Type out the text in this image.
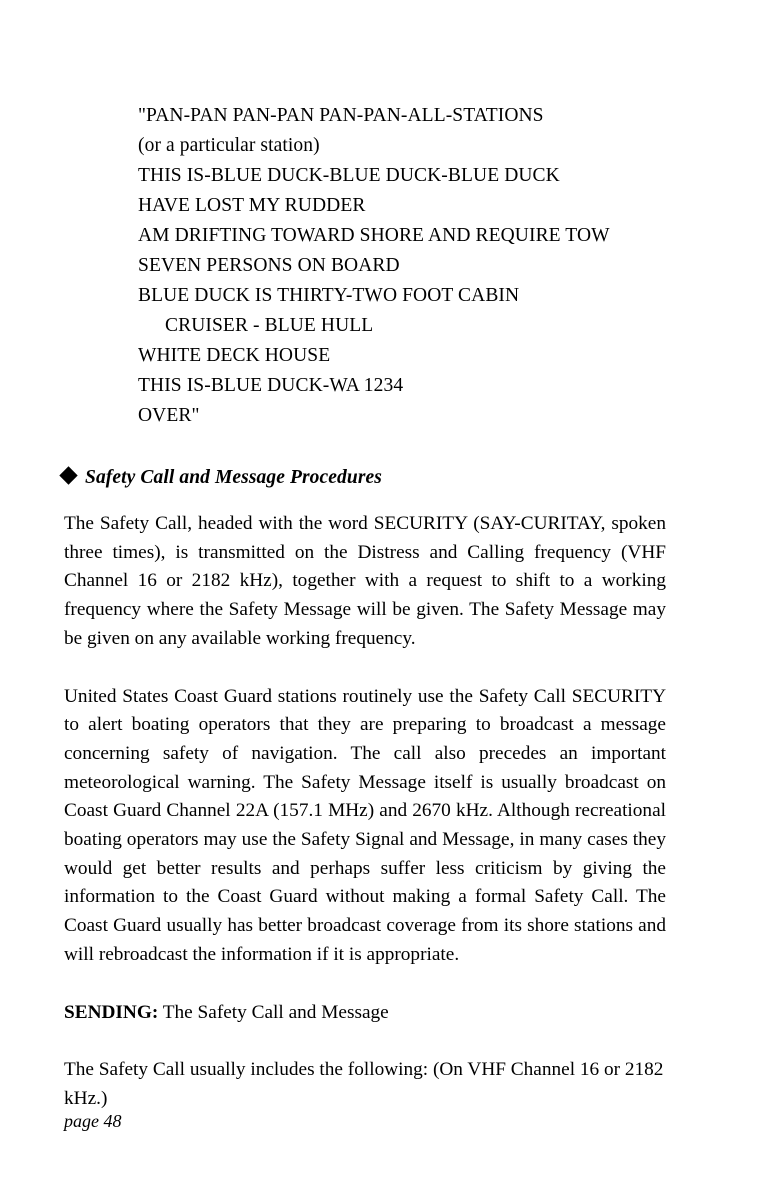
"PAN-PAN PAN-PAN PAN-PAN-ALL-STATIONS
(or a particular station)
THIS IS-BLUE DUCK-BLUE DUCK-BLUE DUCK
HAVE LOST MY RUDDER
AM DRIFTING TOWARD SHORE AND REQUIRE TOW
SEVEN PERSONS ON BOARD
BLUE DUCK IS THIRTY-TWO FOOT CABIN
CRUISER - BLUE HULL
WHITE DECK HOUSE
THIS IS-BLUE DUCK-WA 1234
OVER"
Safety Call and Message Procedures

The Safety Call, headed with the word SECURITY (SAY-CURITAY, spoken three times), is transmitted on the Distress and Calling frequency (VHF Channel 16 or 2182 kHz), together with a request to shift to a working frequency where the Safety Message will be given. The Safety Message may be given on any available working frequency.

United States Coast Guard stations routinely use the Safety Call SECURITY to alert boating operators that they are preparing to broadcast a message concerning safety of navigation. The call also precedes an important meteorological warning. The Safety Message itself is usually broadcast on Coast Guard Channel 22A (157.1 MHz) and 2670 kHz. Although recreational boating operators may use the Safety Signal and Message, in many cases they would get better results and perhaps suffer less criticism by giving the information to the Coast Guard without making a formal Safety Call. The Coast Guard usually has better broadcast coverage from its shore stations and will rebroadcast the information if it is appropriate.

SENDING: The Safety Call and Message

The Safety Call usually includes the following: (On VHF Channel 16 or 2182 kHz.)

page 48
